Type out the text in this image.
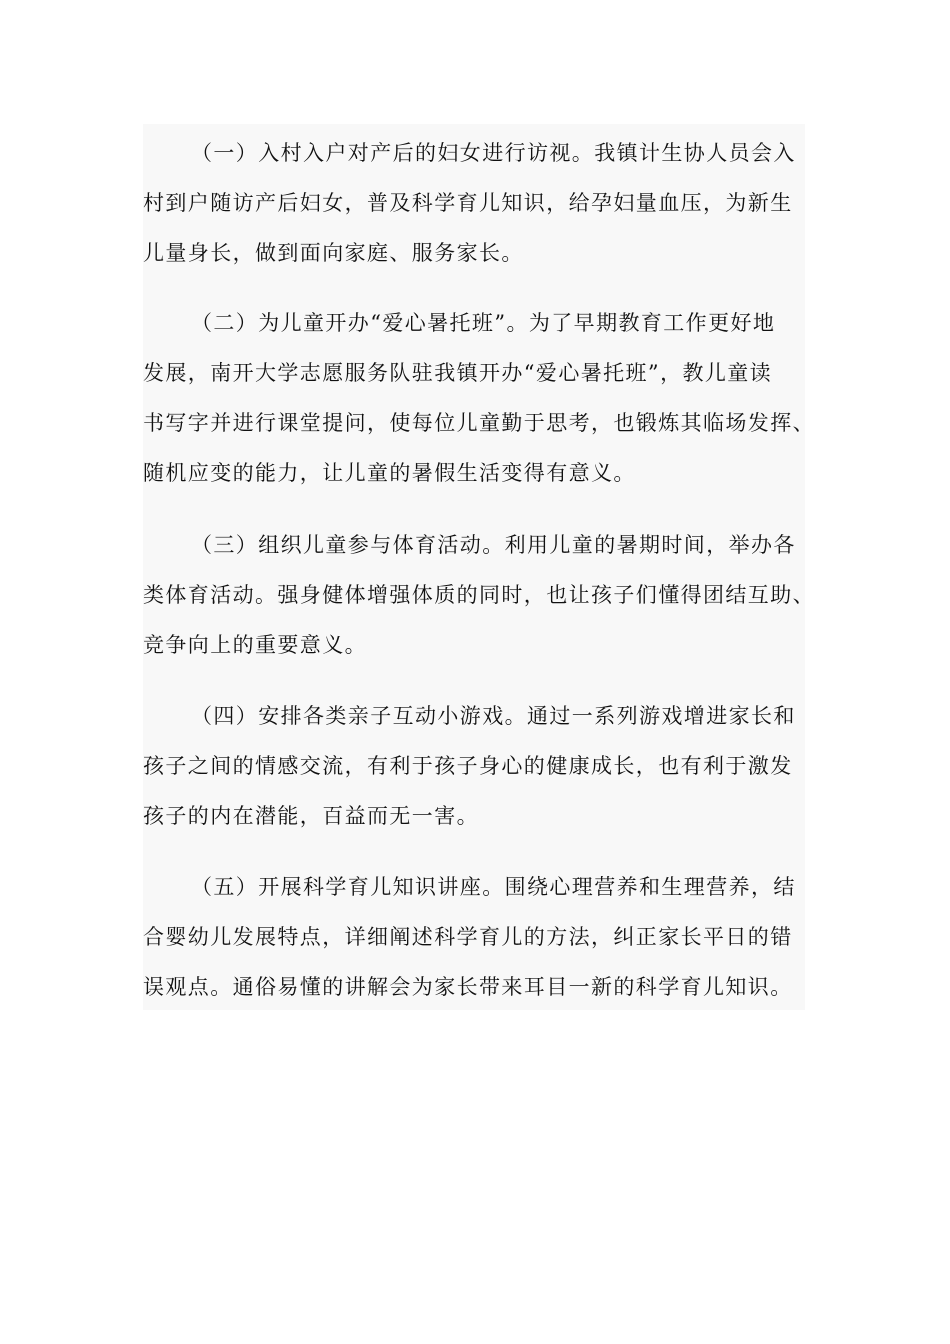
（一）入村入户对产后的妇女进行访视。我镇计生协人员会入
村到户随访产后妇女，普及科学育儿知识，给孕妇量血压，为新生
儿量身长，做到面向家庭、服务家长。
（二）为儿童开办“爱心暑托班”。为了早期教育工作更好地
发展，南开大学志愿服务队驻我镇开办“爱心暑托班”，教儿童读
书写字并进行课堂提问，使每位儿童勤于思考，也锻炼其临场发挥、
随机应变的能力，让儿童的暑假生活变得有意义。
（三）组织儿童参与体育活动。利用儿童的暑期时间，举办各
类体育活动。强身健体增强体质的同时，也让孩子们懂得团结互助、
竞争向上的重要意义。
（四）安排各类亲子互动小游戏。通过一系列游戏增进家长和
孩子之间的情感交流，有利于孩子身心的健康成长，也有利于激发
孩子的内在潜能，百益而无一害。
（五）开展科学育儿知识讲座。围绕心理营养和生理营养，结
合婴幼儿发展特点，详细阐述科学育儿的方法，纠正家长平日的错
误观点。通俗易懂的讲解会为家长带来耳目一新的科学育儿知识。
